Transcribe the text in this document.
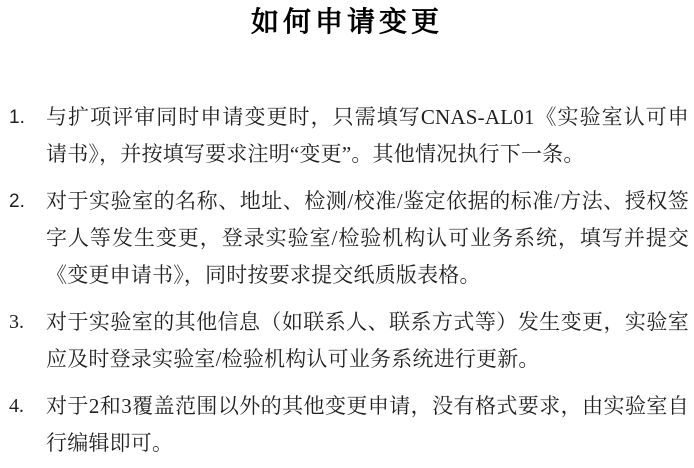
如何申请变更
1.	与扩项评审同时申请变更时，只需填写CNAS-AL01《实验室认可申请书》，并按填写要求注明“变更”。其他情况执行下一条。
2.	对于实验室的名称、地址、检测/校准/鉴定依据的标准/方法、授权签字人等发生变更，登录实验室/检验机构认可业务系统，填写并提交《变更申请书》，同时按要求提交纸质版表格。
3.	对于实验室的其他信息（如联系人、联系方式等）发生变更，实验室应及时登录实验室/检验机构认可业务系统进行更新。
4.	对于2和3覆盖范围以外的其他变更申请，没有格式要求，由实验室自行编辑即可。
